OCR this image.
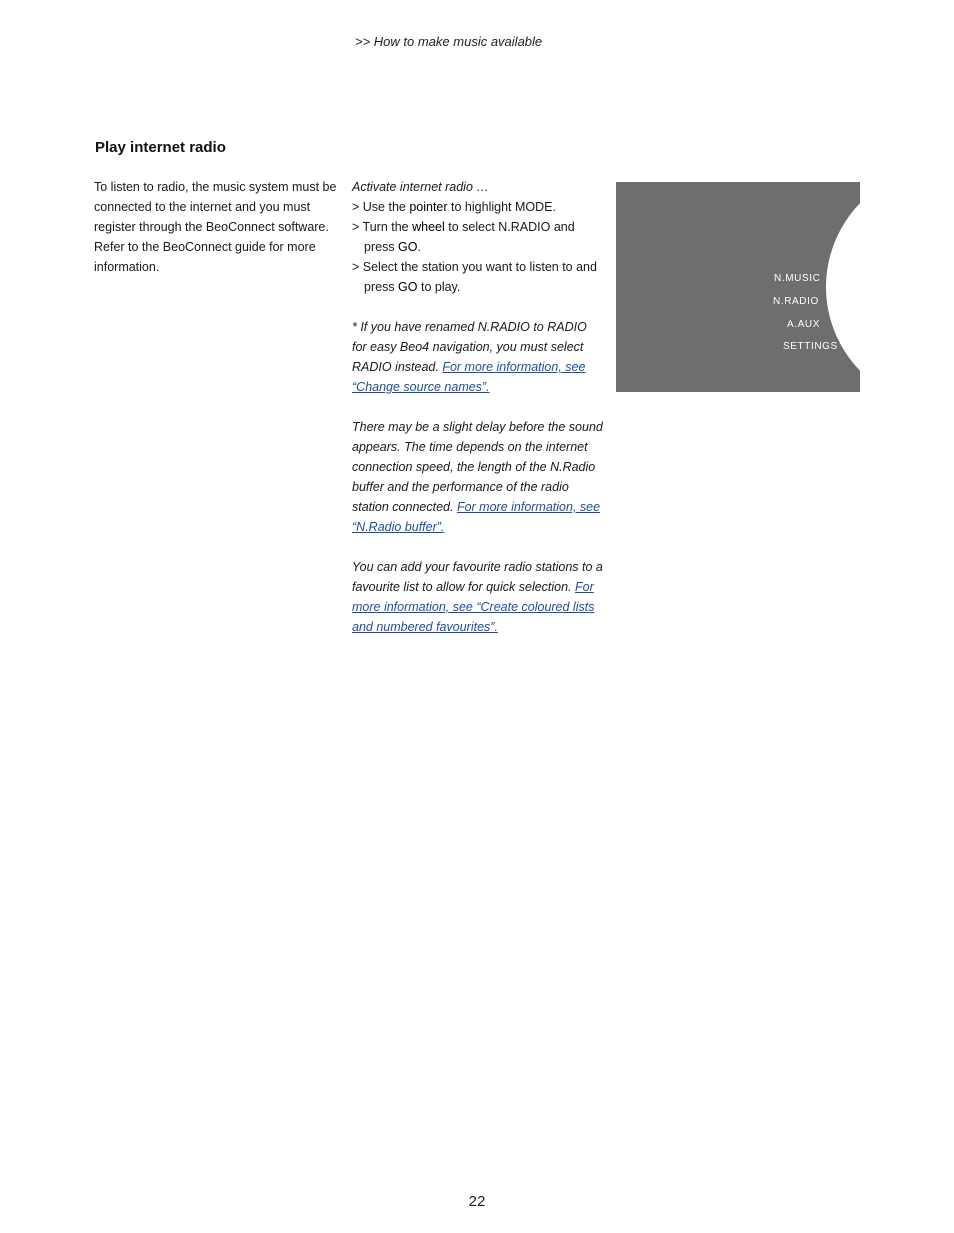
>> How to make music available
Play internet radio
To listen to radio, the music system must be connected to the internet and you must register through the BeoConnect software. Refer to the BeoConnect guide for more information.

Activate internet radio …

> Use the pointer to highlight MODE.

> Turn the wheel to select N.RADIO and press GO.

> Select the station you want to listen to and press GO to play.

* If you have renamed N.RADIO to RADIO for easy Beo4 navigation, you must select RADIO instead. For more information, see “Change source names”.

There may be a slight delay before the sound appears. The time depends on the internet connection speed, the length of the N.Radio buffer and the performance of the radio station connected. For more information, see “N.Radio buffer”.

You can add your favourite radio stations to a favourite list to allow for quick selection. For more information, see “Create coloured lists and numbered favourites”.

N.MUSIC
N.RADIO
A.AUX
SETTINGS
22
